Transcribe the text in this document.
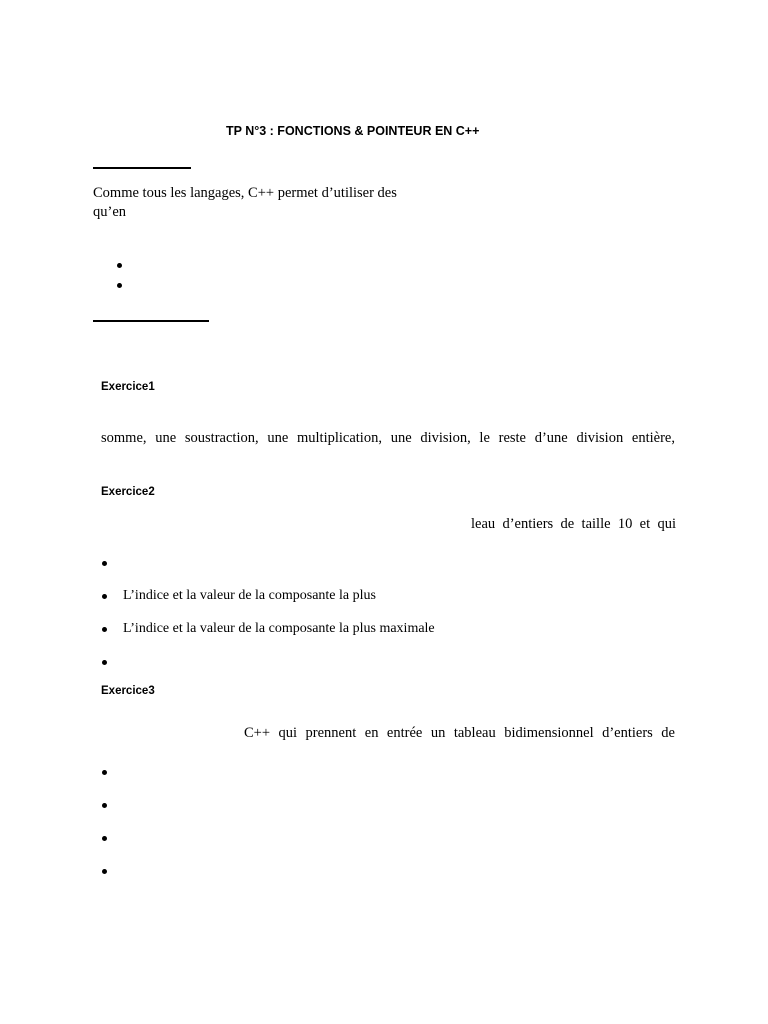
TP N°3 : FONCTIONS & POINTEUR EN C++
Comme tous les langages, C++ permet d’utiliser des
qu’en
Exercice1
somme, une soustraction, une multiplication, une division, le reste d’une division entière,
Exercice2
leau d’entiers de taille 10 et qui
L’indice et la valeur de la composante la plus
L’indice et la valeur de la composante la plus maximale
Exercice3
C++ qui prennent en entrée un tableau bidimensionnel d’entiers de
